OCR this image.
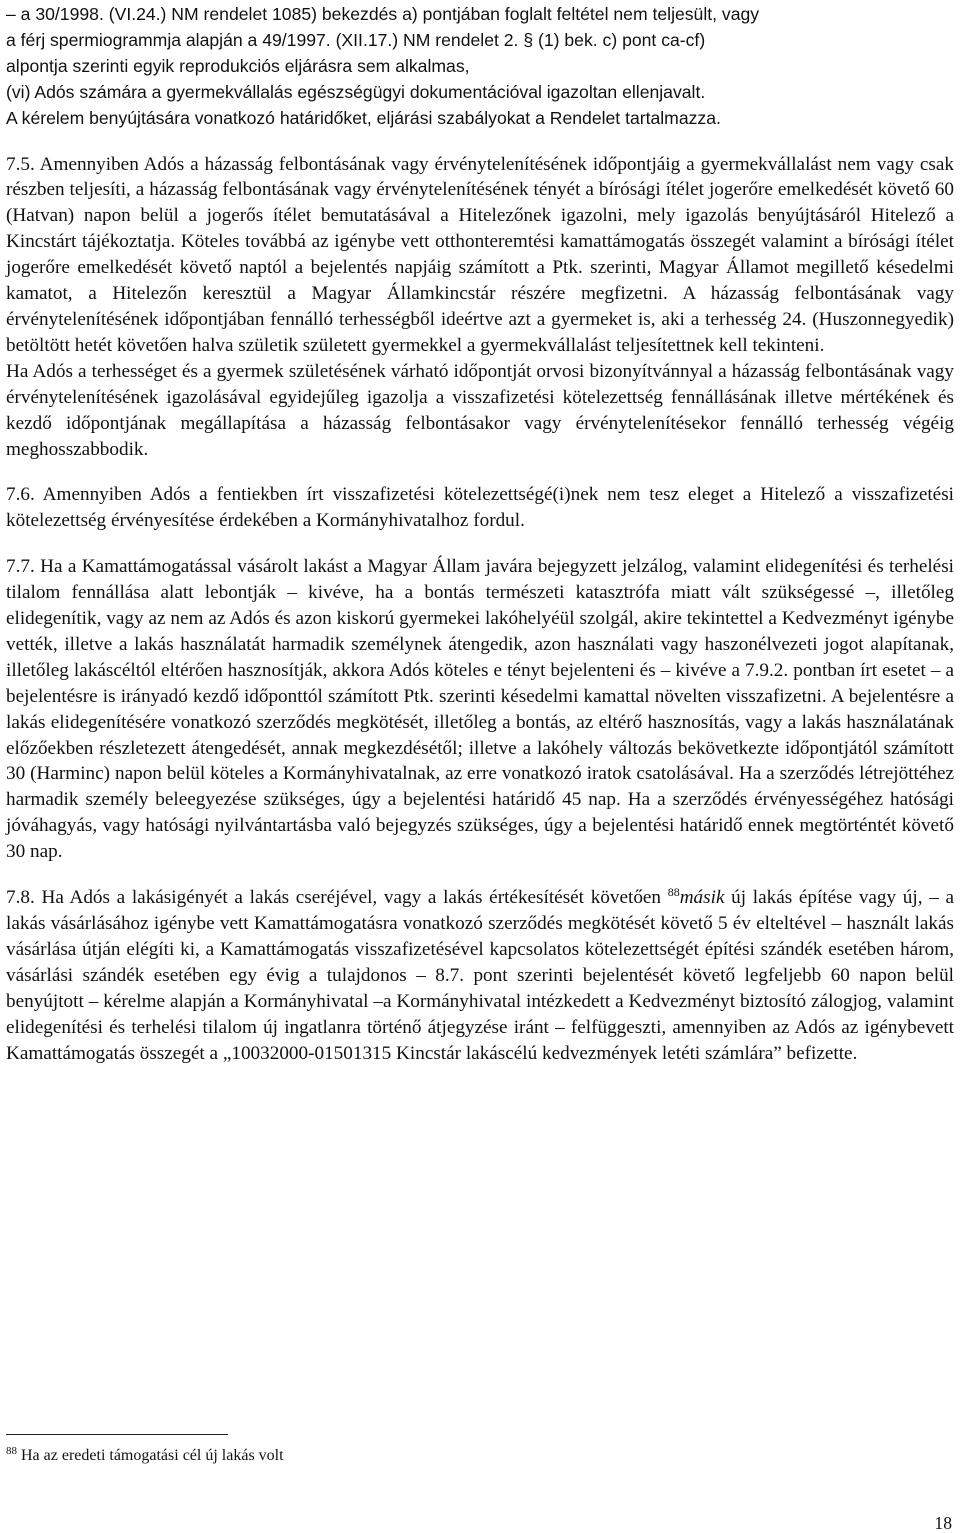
– a 30/1998. (VI.24.) NM rendelet 1085) bekezdés a) pontjában foglalt feltétel nem teljesült, vagy

a férj spermiogrammja alapján a 49/1997. (XII.17.) NM rendelet 2. § (1) bek. c) pont ca-cf)

alpontja szerinti egyik reprodukciós eljárásra sem alkalmas,

(vi) Adós számára a gyermekvállalás egészségügyi dokumentációval igazoltan ellenjavalt.

A kérelem benyújtására vonatkozó határidőket, eljárási szabályokat a Rendelet tartalmazza.

7.5. Amennyiben Adós a házasság felbontásának vagy érvénytelenítésének időpontjáig a gyermekvállalást nem vagy csak részben teljesíti, a házasság felbontásának vagy érvénytelenítésének tényét a bírósági ítélet jogerőre emelkedését követő 60 (Hatvan) napon belül a jogerős ítélet bemutatásával a Hitelezőnek igazolni, mely igazolás benyújtásáról Hitelező a Kincstárt tájékoztatja. Köteles továbbá az igénybe vett otthonteremtési kamattámogatás összegét valamint a bírósági ítélet jogerőre emelkedését követő naptól a bejelentés napjáig számított a Ptk. szerinti, Magyar Államot megillető késedelmi kamatot, a Hitelezőn keresztül a Magyar Államkincstár részére megfizetni. A házasság felbontásának vagy érvénytelenítésének időpontjában fennálló terhességből ideértve azt a gyermeket is, aki a terhesség 24. (Huszonnegyedik) betöltött hetét követően halva születik született gyermekkel a gyermekvállalást teljesítettnek kell tekinteni.

Ha Adós a terhességet és a gyermek születésének várható időpontját orvosi bizonyítvánnyal a házasság felbontásának vagy érvénytelenítésének igazolásával egyidejűleg igazolja a visszafizetési kötelezettség fennállásának illetve mértékének és kezdő időpontjának megállapítása a házasság felbontásakor vagy érvénytelenítésekor fennálló terhesség végéig meghosszabbodik.

7.6. Amennyiben Adós a fentiekben írt visszafizetési kötelezettségé(i)nek nem tesz eleget a Hitelező a visszafizetési kötelezettség érvényesítése érdekében a Kormányhivatalhoz fordul.

7.7. Ha a Kamattámogatással vásárolt lakást a Magyar Állam javára bejegyzett jelzálog, valamint elidegenítési és terhelési tilalom fennállása alatt lebontják – kivéve, ha a bontás természeti katasztrófa miatt vált szükségessé –, illetőleg elidegenítik, vagy az nem az Adós és azon kiskorú gyermekei lakóhelyéül szolgál, akire tekintettel a Kedvezményt igénybe vették, illetve a lakás használatát harmadik személynek átengedik, azon használati vagy haszonélvezeti jogot alapítanak, illetőleg lakáscéltól eltérően hasznosítják, akkora Adós köteles e tényt bejelenteni és – kivéve a 7.9.2. pontban írt esetet – a bejelentésre is irányadó kezdő időponttól számított Ptk. szerinti késedelmi kamattal növelten visszafizetni. A bejelentésre a lakás elidegenítésére vonatkozó szerződés megkötését, illetőleg a bontás, az eltérő hasznosítás, vagy a lakás használatának előzőekben részletezett átengedését, annak megkezdésétől; illetve a lakóhely változás bekövetkezte időpontjától számított 30 (Harminc) napon belül köteles a Kormányhivatalnak, az erre vonatkozó iratok csatolásával. Ha a szerződés létrejöttéhez harmadik személy beleegyezése szükséges, úgy a bejelentési határidő 45 nap. Ha a szerződés érvényességéhez hatósági jóváhagyás, vagy hatósági nyilvántartásba való bejegyzés szükséges, úgy a bejelentési határidő ennek megtörténtét követő 30 nap.

7.8. Ha Adós a lakásigényét a lakás cseréjével, vagy a lakás értékesítését követően $^{88}$másik új lakás építése vagy új, – a lakás vásárlásához igénybe vett Kamattámogatásra vonatkozó szerződés megkötését követő 5 év elteltével – használt lakás vásárlása útján elégíti ki, a Kamattámogatás visszafizetésével kapcsolatos kötelezettségét építési szándék esetében három, vásárlási szándék esetében egy évig a tulajdonos – 8.7. pont szerinti bejelentését követő legfeljebb 60 napon belül benyújtott – kérelme alapján a Kormányhivatal –a Kormányhivatal intézkedett a Kedvezményt biztosító zálogjog, valamint elidegenítési és terhelési tilalom új ingatlanra történő átjegyzése iránt – felfüggeszti, amennyiben az Adós az igénybevett Kamattámogatás összegét a „10032000-01501315 Kincstár lakáscélú kedvezmények letéti számlára” befizette.

$^{88}$ Ha az eredeti támogatási cél új lakás volt
18
